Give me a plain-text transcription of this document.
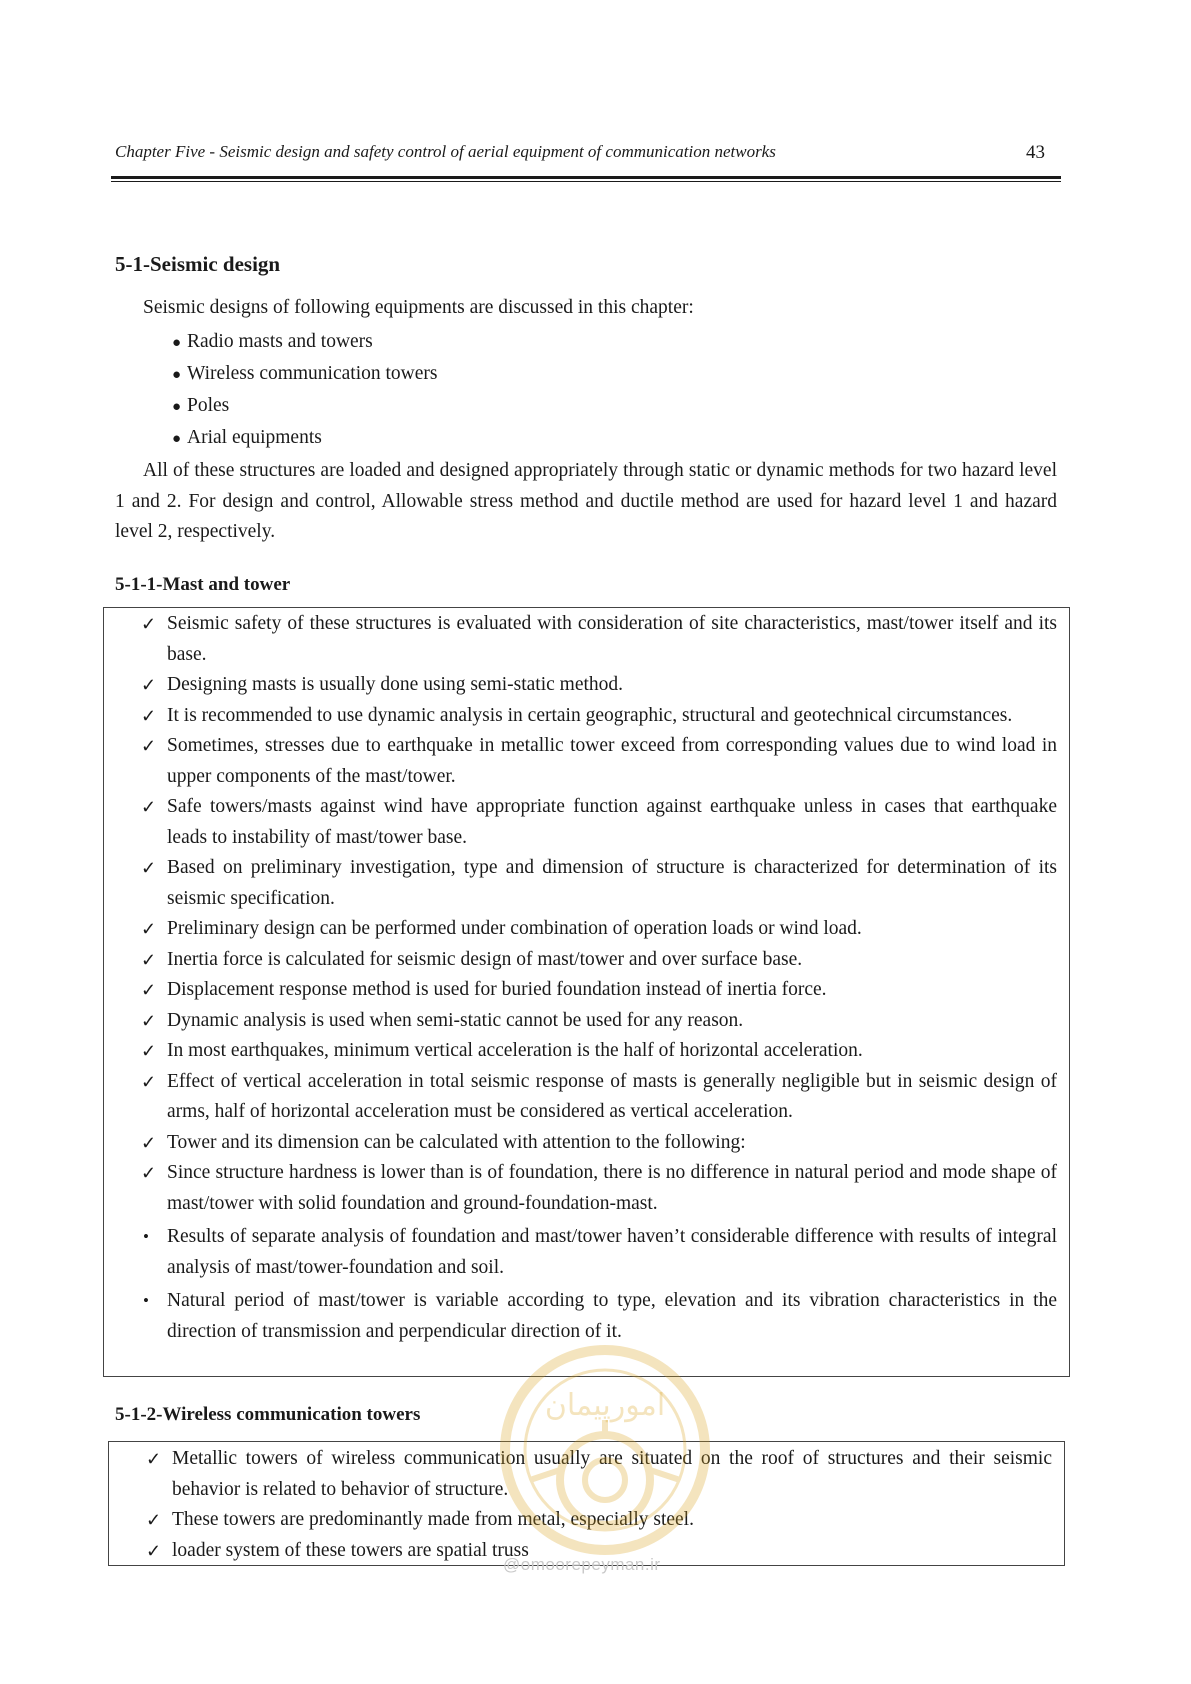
Chapter Five - Seismic design and safety control of aerial equipment of communication networks	43
5-1-Seismic design

Seismic designs of following equipments are discussed in this chapter:

● Radio masts and towers
● Wireless communication towers
● Poles
● Arial equipments

All of these structures are loaded and designed appropriately through static or dynamic methods for two hazard level 1 and 2. For design and control, Allowable stress method and ductile method are used for hazard level 1 and hazard level 2, respectively.

5-1-1-Mast and tower
✓ Seismic safety of these structures is evaluated with consideration of site characteristics, mast/tower itself and its base.
✓ Designing masts is usually done using semi-static method.
✓ It is recommended to use dynamic analysis in certain geographic, structural and geotechnical circumstances.
✓ Sometimes, stresses due to earthquake in metallic tower exceed from corresponding values due to wind load in upper components of the mast/tower.
✓ Safe towers/masts against wind have appropriate function against earthquake unless in cases that earthquake leads to instability of mast/tower base.
✓ Based on preliminary investigation, type and dimension of structure is characterized for determination of its seismic specification.
✓ Preliminary design can be performed under combination of operation loads or wind load.
✓ Inertia force is calculated for seismic design of mast/tower and over surface base.
✓ Displacement response method is used for buried foundation instead of inertia force.
✓ Dynamic analysis is used when semi-static cannot be used for any reason.
✓ In most earthquakes, minimum vertical acceleration is the half of horizontal acceleration.
✓ Effect of vertical acceleration in total seismic response of masts is generally negligible but in seismic design of arms, half of horizontal acceleration must be considered as vertical acceleration.
✓ Tower and its dimension can be calculated with attention to the following:
✓ Since structure hardness is lower than is of foundation, there is no difference in natural period and mode shape of mast/tower with solid foundation and ground-foundation-mast.
• Results of separate analysis of foundation and mast/tower haven’t considerable difference with results of integral analysis of mast/tower-foundation and soil.
• Natural period of mast/tower is variable according to type, elevation and its vibration characteristics in the direction of transmission and perpendicular direction of it.
5-1-2-Wireless communication towers
✓ Metallic towers of wireless communication usually are situated on the roof of structures and their seismic behavior is related to behavior of structure.
✓ These towers are predominantly made from metal, especially steel.
✓ loader system of these towers are spatial truss
امورپیمان
@omoorepeyman.ir
